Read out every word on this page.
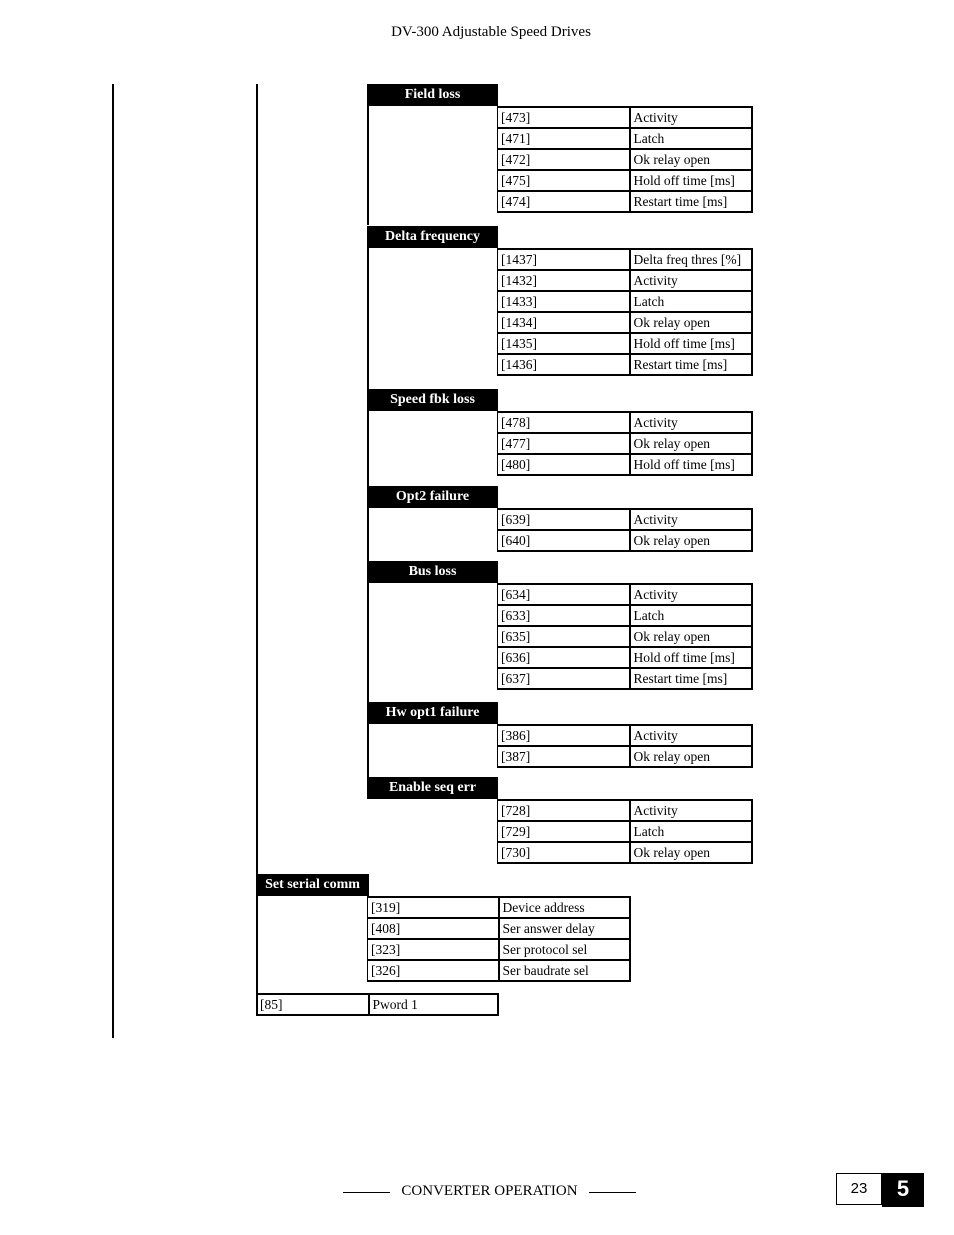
DV-300 Adjustable Speed Drives
Field loss
[473]	Activity
[471]	Latch
[472]	Ok relay open
[475]	Hold off time [ms]
[474]	Restart time [ms]
Delta frequency
[1437]	Delta freq thres [%]
[1432]	Activity
[1433]	Latch
[1434]	Ok relay open
[1435]	Hold off time [ms]
[1436]	Restart time [ms]
Speed fbk loss
[478]	Activity
[477]	Ok relay open
[480]	Hold off time [ms]
Opt2 failure
[639]	Activity
[640]	Ok relay open
Bus loss
[634]	Activity
[633]	Latch
[635]	Ok relay open
[636]	Hold off time [ms]
[637]	Restart time [ms]
Hw opt1 failure
[386]	Activity
[387]	Ok relay open
Enable seq err
[728]	Activity
[729]	Latch
[730]	Ok relay open
Set serial comm
[319]	Device address
[408]	Ser answer delay
[323]	Ser protocol sel
[326]	Ser baudrate sel
[85]	Pword 1
CONVERTER OPERATION	23	5
